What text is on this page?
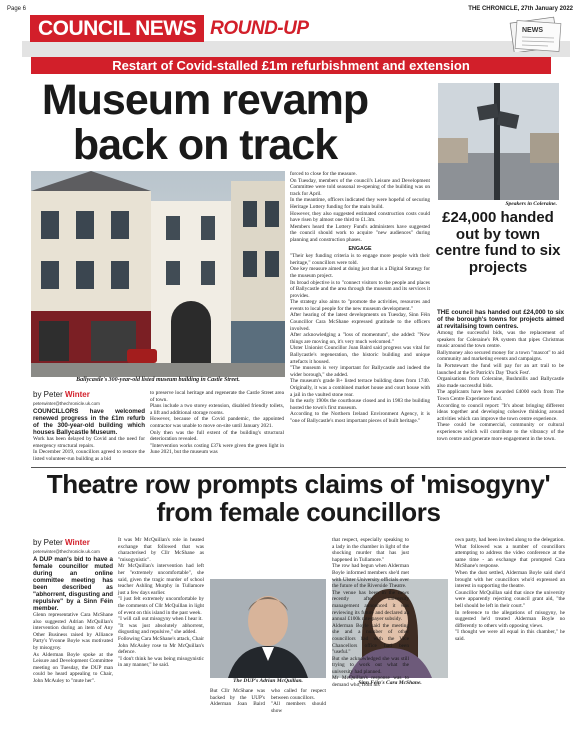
Page 6	THE CHRONICLE, 27th January 2022
COUNCIL NEWS ROUND-UP	NEWS
Restart of Covid-stalled £1m refurbishment and extension
Museum revamp back on track
Ballycastle's 300-year-old listed museum building in Castle Street.
by Peter Winter
peterwinter@thechronicle.uk.com

COUNCILLORS have welcomed renewed progress in the £1m refurb of the 300-year-old building which houses Ballycastle Museum.

Work has been delayed by Covid and the need for emergency structural repairs.

In December 2019, councillors agreed to restore the listed volunteer-run building as a bid

to preserve local heritage and regenerate the Castle Street area of town.

Plans include a two storey extension, disabled friendly toilets, a lift and additional storage rooms.

However, because of the Covid pandemic, the appointed contractor was unable to move on-site until January 2021.

Only then was the full extent of the building's structural deterioration revealed.

"Intervention works costing £37k were given the green light in June 2021, but the museum was

forced to close for the measure.

On Tuesday, members of the council's Leisure and Development Committee were told seasonal re-opening of the building was on track for April.

In the meantime, officers indicated they were hopeful of securing Heritage Lottery funding for the main build.

However, they also suggested estimated construction costs could have risen by almost one third to £1.3m.

Members heard the Lottery Fund's administers have suggested the council should work to acquire "new audiences" during planning and construction phases.

ENGAGE

"Their key funding criteria is to engage more people with their heritage," councillors were told.

One key measure aimed at doing just that is a Digital Strategy for the museum project.

Its broad objective is to "connect visitors to the people and places of Ballycastle and the area through the museum and its services it provides.

The strategy also aims to "promote the activities, resources and events to local people for the new museum development."

After hearing of the latest developments on Tuesday, Sinn Féin Councillor Cara McShane expressed gratitude to the officers involved.

After acknowledging a "loss of momentum", she added: "Now things are moving on, it's very much welcomed."

Ulster Unionist Councillor Joan Baird said progress was vital for Ballycastle's regeneration, the historic building and unique artefacts it housed.

"The museum is very important for Ballycastle and indeed the wider borough," she added.

The museum's grade B+ listed terrace building dates from 1740. Originally, it was a combined market house and court house with a jail in the vaulted stone rear.

In the early 1900s the courthouse closed and in 1983 the building hosted the town's first museum.

According to the Northern Ireland Environment Agency, it is "one of Ballycastle's most important pieces of built heritage."

Speakers in Coleraine.
£24,000 handed out by town centre fund to six projects

THE council has handed out £24,000 to six of the borough's towns for projects aimed at revitalising town centres.

Among the successful bids, was the replacement of speakers for Coleraine's PA system that pipes Christmas music around the town centre.

Ballymoney also secured money for a town "mascot" to aid community and marketing events and campaigns.

In Portstewart the fund will pay for an art trail to be launched at the St Patrick's Day 'Duck Fest'.

Organisations from Coleraine, Bushmills and Ballycastle also made successful bids.

The applicants have been awarded £4000 each from The Town Centre Experience fund.

According to council report: "It's about bringing different ideas together and developing cohesive thinking around activities which can improve the town centre experience.

These could be commercial, community or cultural experiences which will contribute to the vibrancy of the town centre and generate more engagement in the town.

Theatre row prompts claims of 'misogyny' from female councillors
by Peter Winter
peterwinter@thechronicle.uk.com

A DUP man's bid to have a female councillor muted during an online committee meeting has been described as "abhorrent, disgusting and repulsive" by a Sinn Féin member.

Glenn representative Cara McShane also suggested Adrian McQuillan's intervention during an item of Any Other Business raised by Alliance Party's Yvonne Boyle was motivated by misogyny.

As Alderman Boyle spoke at the Leisure and Development Committee meeting on Tuesday, the DUP man could be heard appealing to Chair, John McAuley to "mute her".

It was Mr McQuillan's role in heated exchange that followed that was characterised by Cllr McShane as "misogynistic".

Mr McQuillan's intervention had left her "extremely uncomfortable", she said, given the tragic murder of school teacher Ashling Murphy in Tullamore just a few days earlier.

"I just felt extremely uncomfortable by the comments of Cllr McQuillan in light of event on this island in the past week.

"I will call out misogyny when I hear it.

"It was just absolutely abhorrent, disgusting and repulsive," she added.

Following Cara McShane's attack, Chair John McAuley rose to Mr McQuillan's defence.

"I don't think he was being misogynistic in any manner," he said.

The DUP's Adrian McQuillan.	Sinn Féin's Cara McShane.

But Cllr McShane was backed by the UUP's Alderman Joan Baird who called for respect between councillors.

"All members should show

that respect, especially speaking to a lady in the chamber in light of the shocking murder that has just happened in Tullamore."

The row had begun when Alderman Boyle informed members she'd met with Ulster University officials over the future of the Riverside Theatre.

The venue has been in the news recently after university management announced it was reviewing its future and declared an annual £100k rate-payer subsidy.

Alderman Boyle said the meeting she and a number of other councillors had with the Vice Chancellors office had been "useful."

But she acknowledged she was still trying to work out what the university had planned.

Mr McQuillan's response was to demand who, from his

own party, had been invited along to the delegation.

What followed was a number of councillors attempting to address the video conference at the same time - an exchange that prompted Cara McShane's response.

When the dust settled, Alderman Boyle said she'd brought with her councillors who'd expressed an interest in supporting the theatre.

Councillor McQuillan said that since the university were apparently rejecting council grant aid, "the bell should be left in their court."

In reference to the allegations of misogyny, he suggested he'd treated Alderman Boyle no differently to others with opposing views.

"I thought we were all equal in this chamber," he said.
